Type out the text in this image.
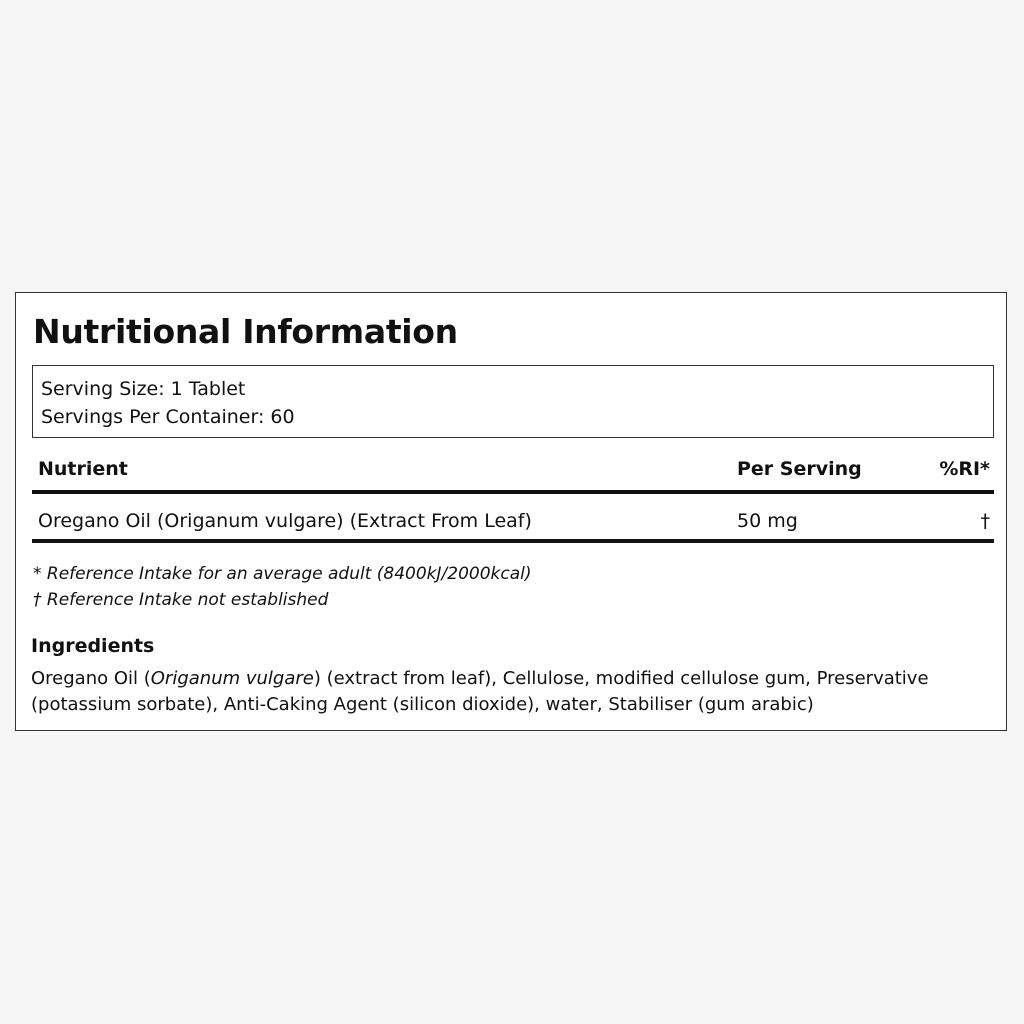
Nutritional Information
Serving Size: 1 Tablet
Servings Per Container: 60
Nutrient	Per Serving	%RI*
Oregano Oil (Origanum vulgare) (Extract From Leaf)	50 mg	†
* Reference Intake for an average adult (8400kJ/2000kcal)
† Reference Intake not established
Ingredients

Oregano Oil (Origanum vulgare) (extract from leaf), Cellulose, modified cellulose gum, Preservative (potassium sorbate), Anti-Caking Agent (silicon dioxide), water, Stabiliser (gum arabic)
